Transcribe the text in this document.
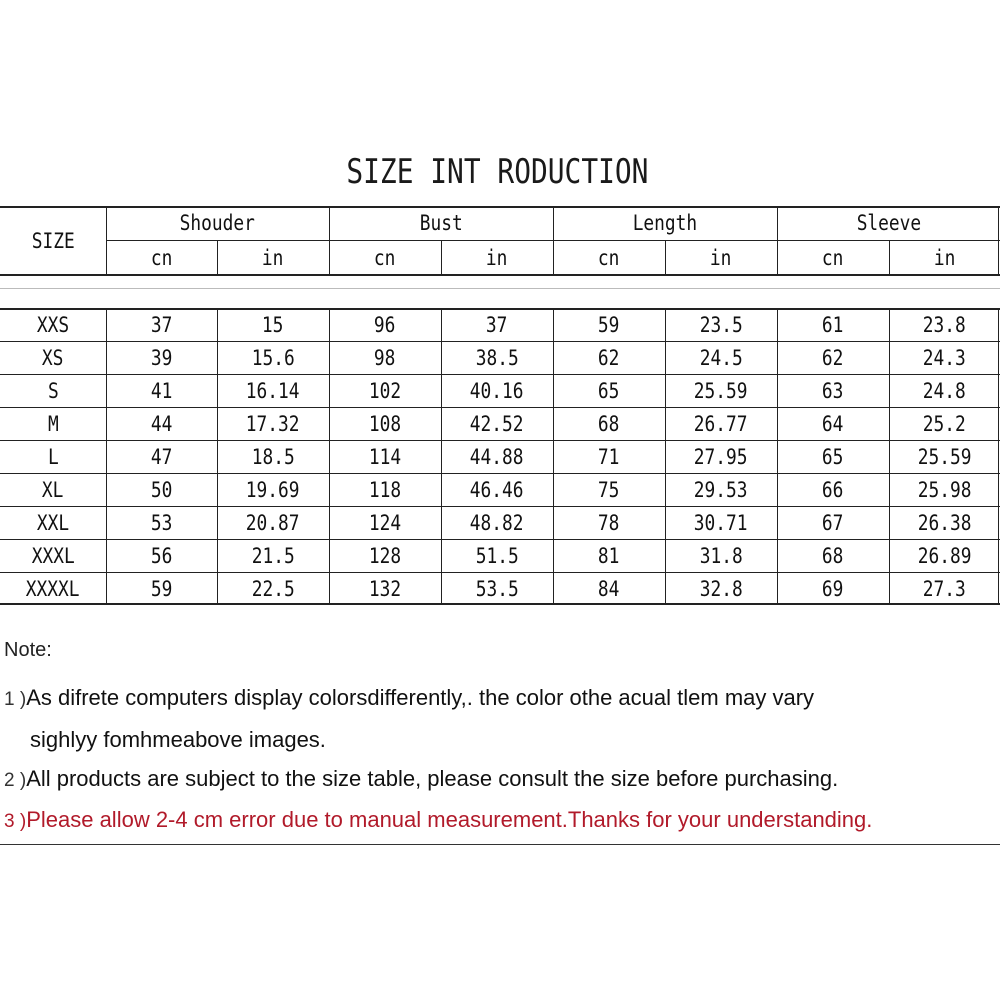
SIZE INT RODUCTION
SIZE
Shouder	Bust	Length	Sleeve
cn	in	cn	in	cn	in	cn	in
XXS	37	15	96	37	59	23.5	61	23.8
XS	39	15.6	98	38.5	62	24.5	62	24.3
S	41	16.14	102	40.16	65	25.59	63	24.8
M	44	17.32	108	42.52	68	26.77	64	25.2
L	47	18.5	114	44.88	71	27.95	65	25.59
XL	50	19.69	118	46.46	75	29.53	66	25.98
XXL	53	20.87	124	48.82	78	30.71	67	26.38
XXXL	56	21.5	128	51.5	81	31.8	68	26.89
XXXXL	59	22.5	132	53.5	84	32.8	69	27.3
Note:
1 )As difrete computers display colorsdifferently,. the color othe acual tlem may vary
sighlyy fomhmeabove images.
2 )All products are subject to the size table, please consult the size before purchasing.
3 )Please allow 2-4 cm error due to manual measurement.Thanks for your understanding.
